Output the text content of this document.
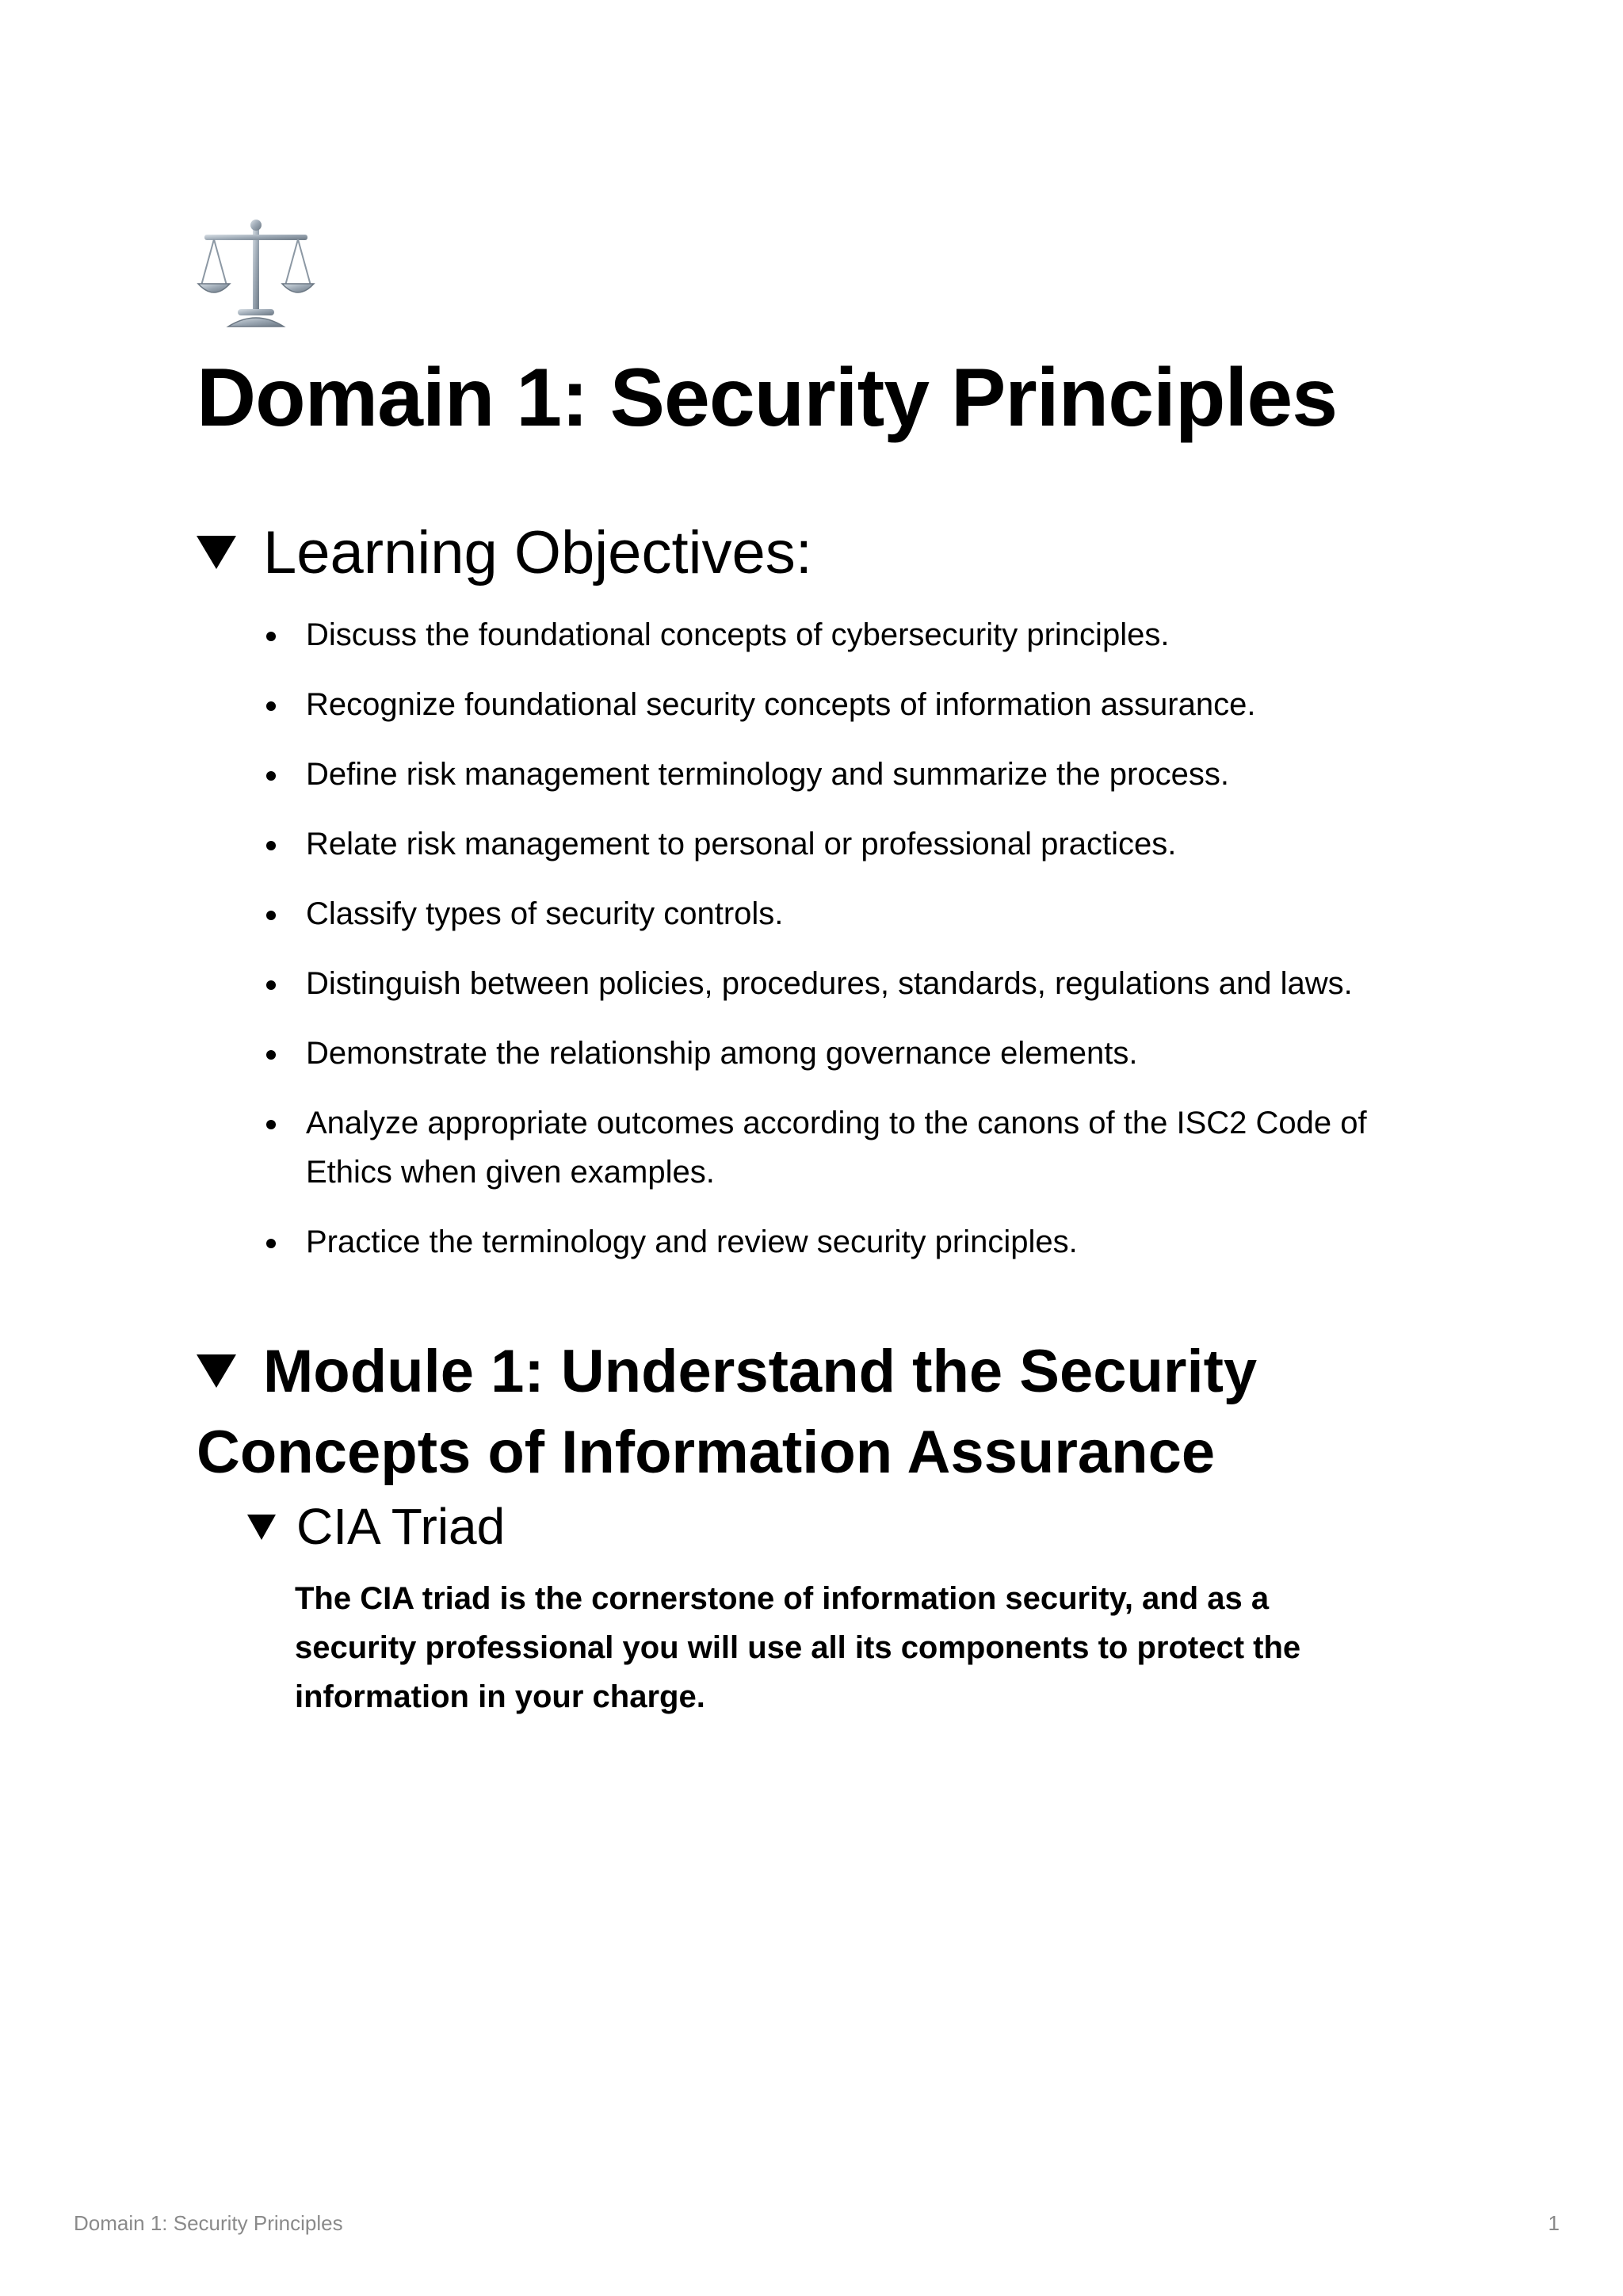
Domain 1: Security Principles
Learning Objectives:
Discuss the foundational concepts of cybersecurity principles.
Recognize foundational security concepts of information assurance.
Define risk management terminology and summarize the process.
Relate risk management to personal or professional practices.
Classify types of security controls.
Distinguish between policies, procedures, standards, regulations and laws.
Demonstrate the relationship among governance elements.
Analyze appropriate outcomes according to the canons of the ISC2 Code of Ethics when given examples.
Practice the terminology and review security principles.
Module 1: Understand the Security Concepts of Information Assurance
CIA Triad

The CIA triad is the cornerstone of information security, and as a security professional you will use all its components to protect the information in your charge.

Domain 1: Security Principles	1
